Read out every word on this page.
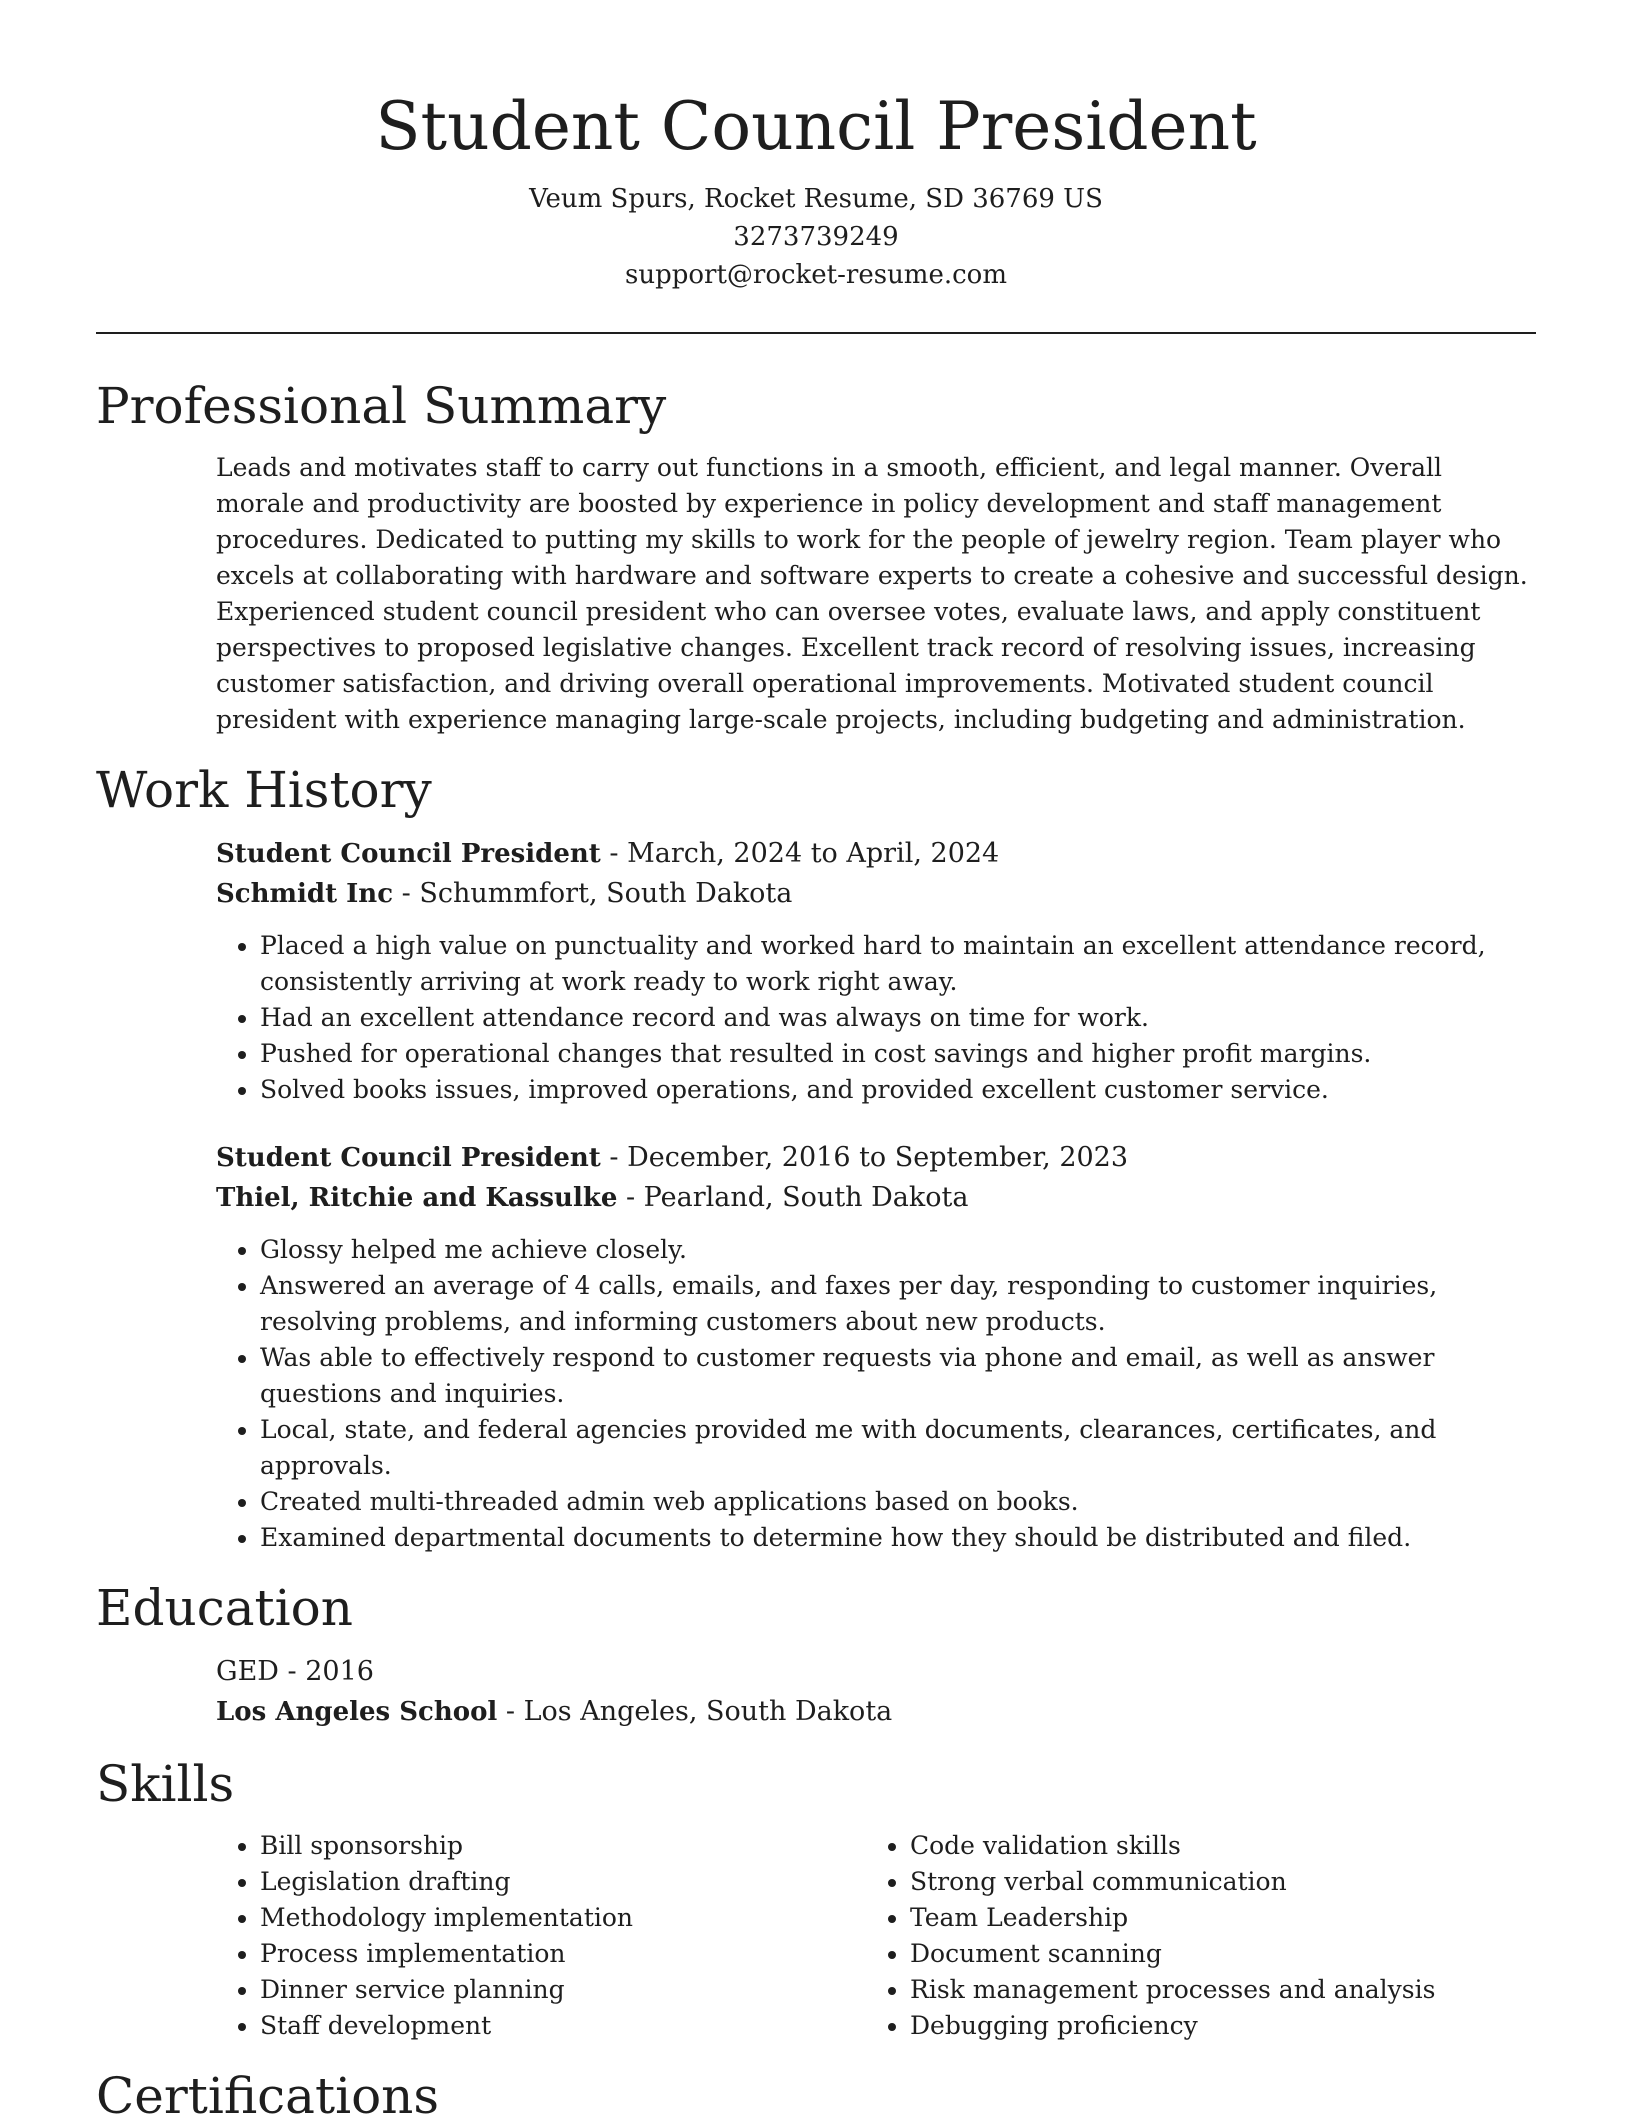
Student Council President

Veum Spurs, Rocket Resume, SD 36769 US

3273739249

support@rocket-resume.com

Professional Summary

Leads and motivates staff to carry out functions in a smooth, efficient, and legal manner. Overall morale and productivity are boosted by experience in policy development and staff management procedures. Dedicated to putting my skills to work for the people of jewelry region. Team player who excels at collaborating with hardware and software experts to create a cohesive and successful design. Experienced student council president who can oversee votes, evaluate laws, and apply constituent perspectives to proposed legislative changes. Excellent track record of resolving issues, increasing customer satisfaction, and driving overall operational improvements. Motivated student council president with experience managing large-scale projects, including budgeting and administration.

Work History

Student Council President - March, 2024 to April, 2024

Schmidt Inc - Schummfort, South Dakota

• Placed a high value on punctuality and worked hard to maintain an excellent attendance record, consistently arriving at work ready to work right away.
• Had an excellent attendance record and was always on time for work.
• Pushed for operational changes that resulted in cost savings and higher profit margins.
• Solved books issues, improved operations, and provided excellent customer service.

Student Council President - December, 2016 to September, 2023

Thiel, Ritchie and Kassulke - Pearland, South Dakota

• Glossy helped me achieve closely.
• Answered an average of 4 calls, emails, and faxes per day, responding to customer inquiries, resolving problems, and informing customers about new products.
• Was able to effectively respond to customer requests via phone and email, as well as answer questions and inquiries.
• Local, state, and federal agencies provided me with documents, clearances, certificates, and approvals.
• Created multi-threaded admin web applications based on books.
• Examined departmental documents to determine how they should be distributed and filed.
Education

GED - 2016

Los Angeles School - Los Angeles, South Dakota

Skills
• Bill sponsorship
• Legislation drafting
• Methodology implementation
• Process implementation
• Dinner service planning
• Staff development
• Code validation skills
• Strong verbal communication
• Team Leadership
• Document scanning
• Risk management processes and analysis
• Debugging proficiency
Certifications
